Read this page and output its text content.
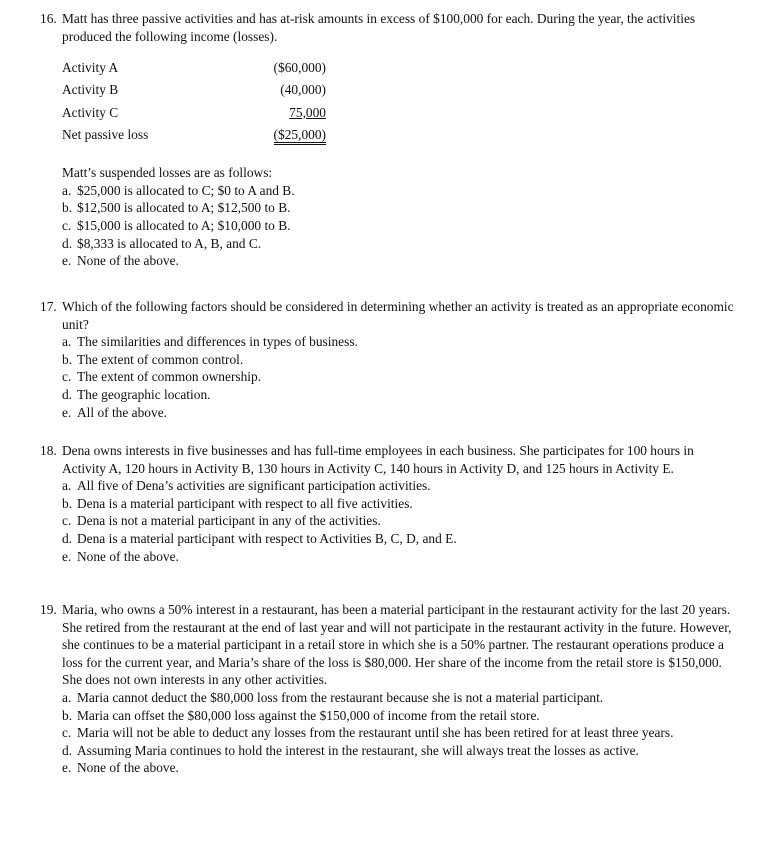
16. Matt has three passive activities and has at-risk amounts in excess of $100,000 for each. During the year, the activities produced the following income (losses).
Activity A	($60,000)
Activity B	(40,000)
Activity C	75,000
Net passive loss	($25,000)
Matt’s suspended losses are as follows:
a. $25,000 is allocated to C; $0 to A and B.
b. $12,500 is allocated to A; $12,500 to B.
c. $15,000 is allocated to A; $10,000 to B.
d. $8,333 is allocated to A, B, and C.
e. None of the above.
17. Which of the following factors should be considered in determining whether an activity is treated as an appropriate economic unit?
a. The similarities and differences in types of business.
b. The extent of common control.
c. The extent of common ownership.
d. The geographic location.
e. All of the above.
18. Dena owns interests in five businesses and has full-time employees in each business. She participates for 100 hours in Activity A, 120 hours in Activity B, 130 hours in Activity C, 140 hours in Activity D, and 125 hours in Activity E.
a. All five of Dena’s activities are significant participation activities.
b. Dena is a material participant with respect to all five activities.
c. Dena is not a material participant in any of the activities.
d. Dena is a material participant with respect to Activities B, C, D, and E.
e. None of the above.
19. Maria, who owns a 50% interest in a restaurant, has been a material participant in the restaurant activity for the last 20 years. She retired from the restaurant at the end of last year and will not participate in the restaurant activity in the future. However, she continues to be a material participant in a retail store in which she is a 50% partner. The restaurant operations produce a loss for the current year, and Maria’s share of the loss is $80,000. Her share of the income from the retail store is $150,000. She does not own interests in any other activities.
a. Maria cannot deduct the $80,000 loss from the restaurant because she is not a material participant.
b. Maria can offset the $80,000 loss against the $150,000 of income from the retail store.
c. Maria will not be able to deduct any losses from the restaurant until she has been retired for at least three years.
d. Assuming Maria continues to hold the interest in the restaurant, she will always treat the losses as active.
e. None of the above.
